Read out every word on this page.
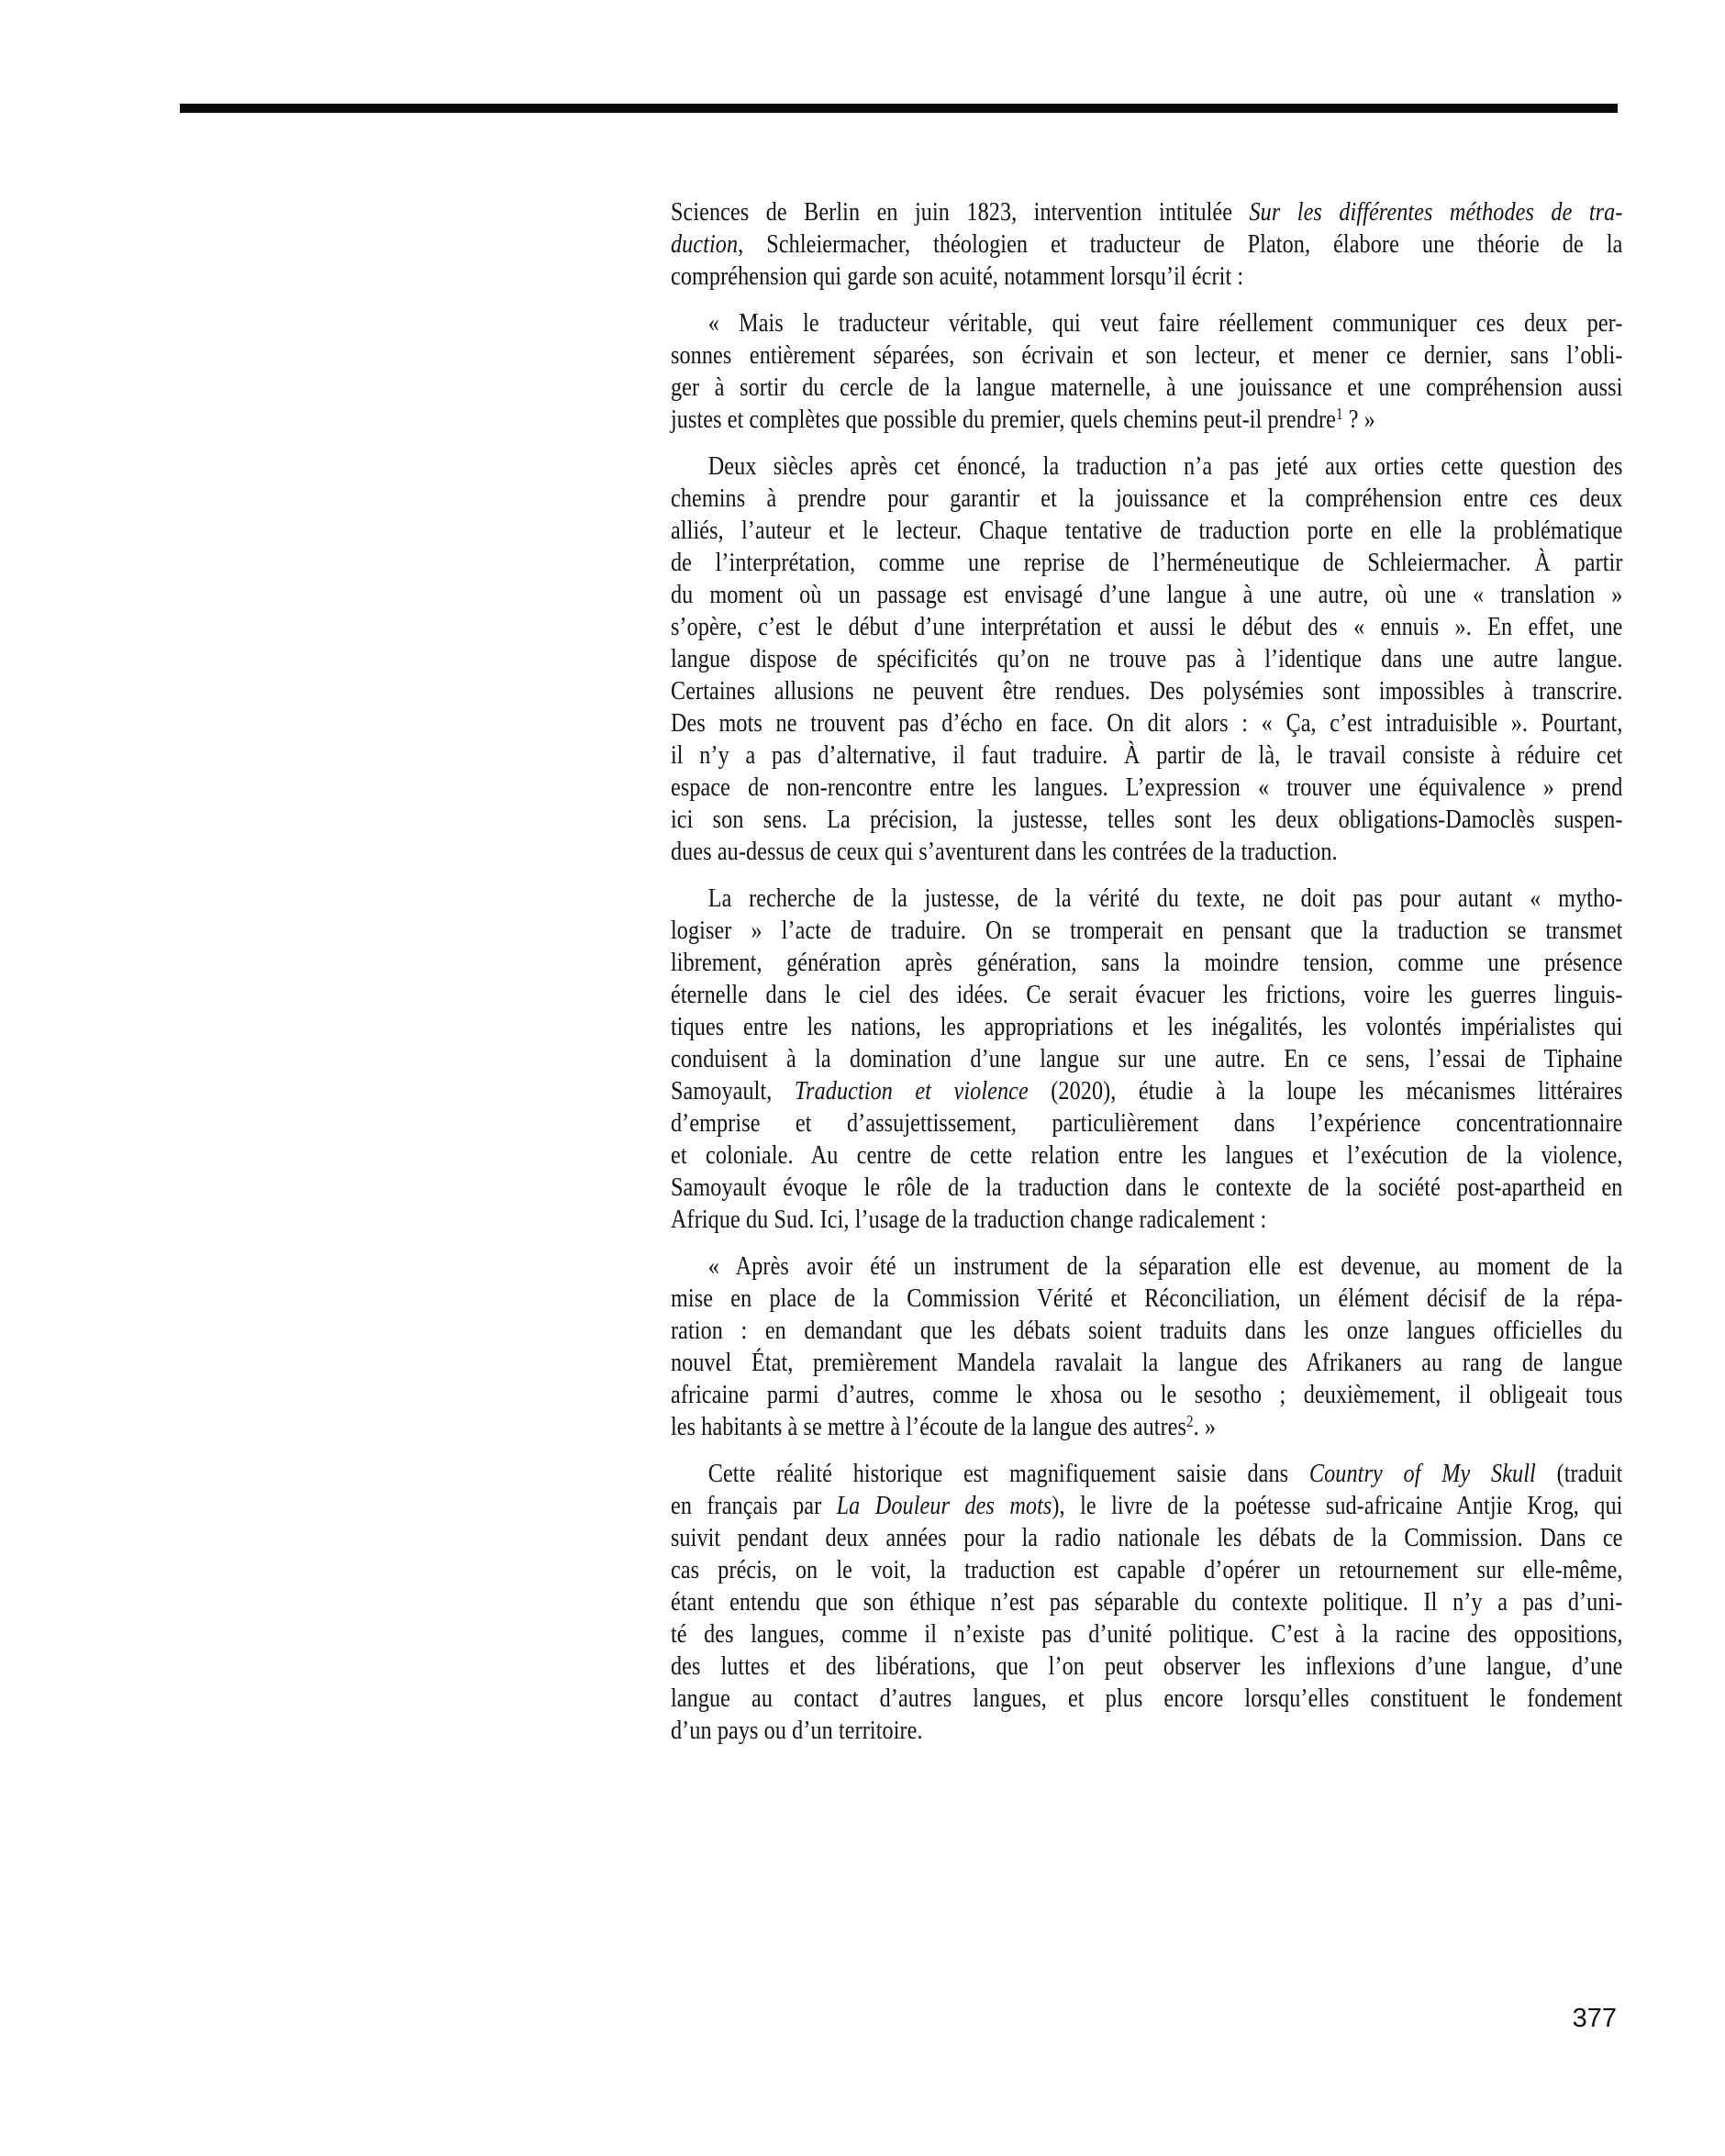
Sciences de Berlin en juin 1823, intervention intitulée Sur les différentes méthodes de tra-
duction, Schleiermacher, théologien et traducteur de Platon, élabore une théorie de la
compréhension qui garde son acuité, notamment lorsqu’il écrit :

« Mais le traducteur véritable, qui veut faire réellement communiquer ces deux per-
sonnes entièrement séparées, son écrivain et son lecteur, et mener ce dernier, sans l’obli-
ger à sortir du cercle de la langue maternelle, à une jouissance et une compréhension aussi
justes et complètes que possible du premier, quels chemins peut-il prendre$^1$ ? »

Deux siècles après cet énoncé, la traduction n’a pas jeté aux orties cette question des
chemins à prendre pour garantir et la jouissance et la compréhension entre ces deux
alliés, l’auteur et le lecteur. Chaque tentative de traduction porte en elle la problématique
de l’interprétation, comme une reprise de l’herméneutique de Schleiermacher. À partir
du moment où un passage est envisagé d’une langue à une autre, où une « translation »
s’opère, c’est le début d’une interprétation et aussi le début des « ennuis ». En effet, une
langue dispose de spécificités qu’on ne trouve pas à l’identique dans une autre langue.
Certaines allusions ne peuvent être rendues. Des polysémies sont impossibles à transcrire.
Des mots ne trouvent pas d’écho en face. On dit alors : « Ça, c’est intraduisible ». Pourtant,
il n’y a pas d’alternative, il faut traduire. À partir de là, le travail consiste à réduire cet
espace de non-rencontre entre les langues. L’expression « trouver une équivalence » prend
ici son sens. La précision, la justesse, telles sont les deux obligations-Damoclès suspen-
dues au-dessus de ceux qui s’aventurent dans les contrées de la traduction.

La recherche de la justesse, de la vérité du texte, ne doit pas pour autant « mytho-
logiser » l’acte de traduire. On se tromperait en pensant que la traduction se transmet
librement, génération après génération, sans la moindre tension, comme une présence
éternelle dans le ciel des idées. Ce serait évacuer les frictions, voire les guerres linguis-
tiques entre les nations, les appropriations et les inégalités, les volontés impérialistes qui
conduisent à la domination d’une langue sur une autre. En ce sens, l’essai de Tiphaine
Samoyault, Traduction et violence (2020), étudie à la loupe les mécanismes littéraires
d’emprise et d’assujettissement, particulièrement dans l’expérience concentrationnaire
et coloniale. Au centre de cette relation entre les langues et l’exécution de la violence,
Samoyault évoque le rôle de la traduction dans le contexte de la société post-apartheid en
Afrique du Sud. Ici, l’usage de la traduction change radicalement :

« Après avoir été un instrument de la séparation elle est devenue, au moment de la
mise en place de la Commission Vérité et Réconciliation, un élément décisif de la répa-
ration : en demandant que les débats soient traduits dans les onze langues officielles du
nouvel État, premièrement Mandela ravalait la langue des Afrikaners au rang de langue
africaine parmi d’autres, comme le xhosa ou le sesotho ; deuxièmement, il obligeait tous
les habitants à se mettre à l’écoute de la langue des autres$^2$. »

Cette réalité historique est magnifiquement saisie dans Country of My Skull (traduit
en français par La Douleur des mots), le livre de la poétesse sud-africaine Antjie Krog, qui
suivit pendant deux années pour la radio nationale les débats de la Commission. Dans ce
cas précis, on le voit, la traduction est capable d’opérer un retournement sur elle-même,
étant entendu que son éthique n’est pas séparable du contexte politique. Il n’y a pas d’uni-
té des langues, comme il n’existe pas d’unité politique. C’est à la racine des oppositions,
des luttes et des libérations, que l’on peut observer les inflexions d’une langue, d’une
langue au contact d’autres langues, et plus encore lorsqu’elles constituent le fondement
d’un pays ou d’un territoire.

377
